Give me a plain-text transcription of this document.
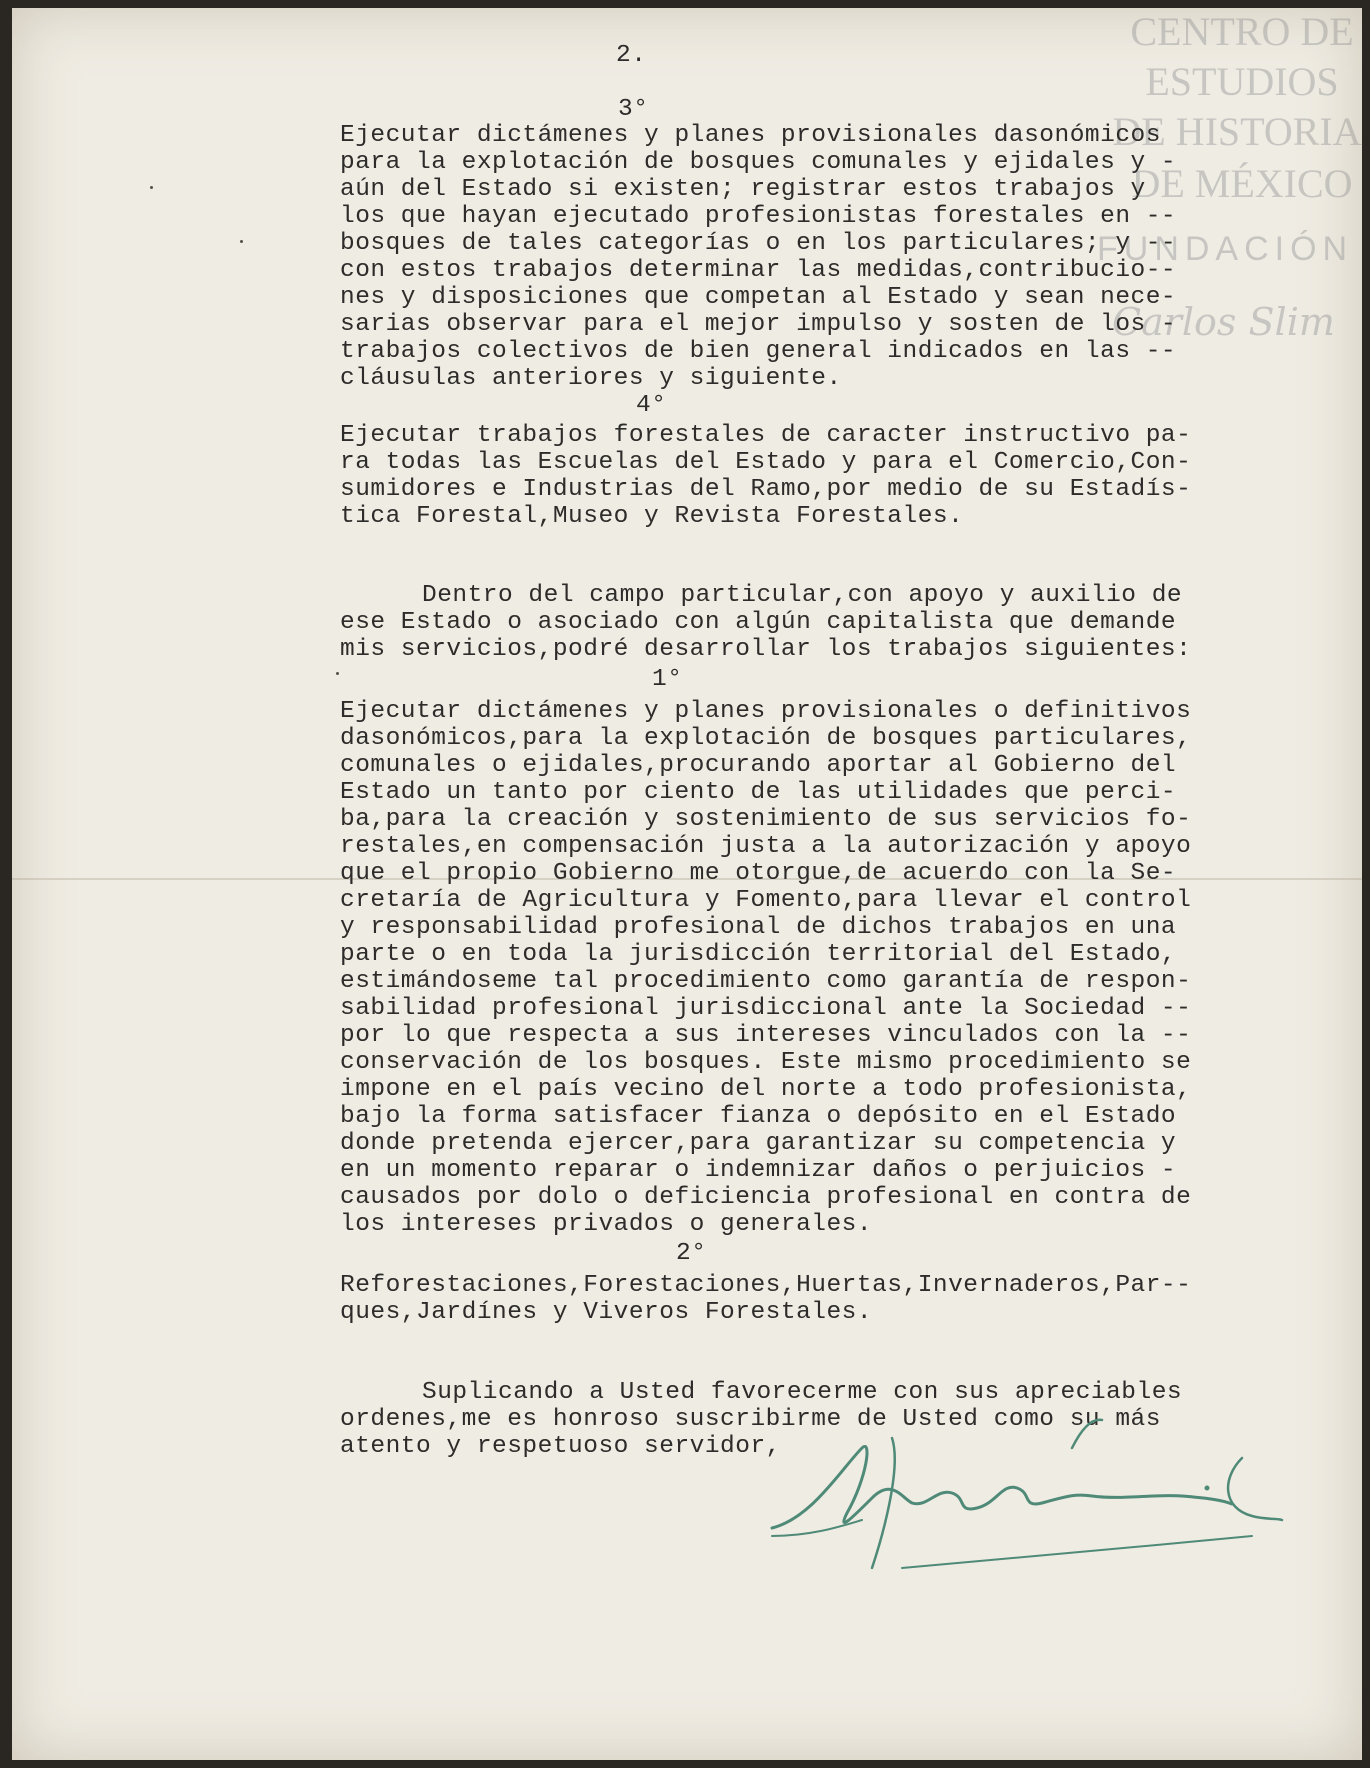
CENTRO DE
ESTUDIOS
DE HISTORIA
DE MÉXICO
FUNDACIÓN
Carlos Slim

2.

3°

Ejecutar dictámenes y planes provisionales dasonómicos

para la explotación de bosques comunales y ejidales y -

aún del Estado si existen; registrar estos trabajos y

los que hayan ejecutado profesionistas forestales en --

bosques de tales categorías o en los particulares; y --

con estos trabajos determinar las medidas,contribucio--

nes y disposiciones que competan al Estado y sean nece-

sarias observar para el mejor impulso y sosten de los -

trabajos colectivos de bien general indicados en las --

cláusulas anteriores y siguiente.

4°

Ejecutar trabajos forestales de caracter instructivo pa-

ra todas las Escuelas del Estado y para el Comercio,Con-

sumidores e Industrias del Ramo,por medio de su Estadís-

tica Forestal,Museo y Revista Forestales.

Dentro del campo particular,con apoyo y auxilio de

ese Estado o asociado con algún capitalista que demande

mis servicios,podré desarrollar los trabajos siguientes:

1°

Ejecutar dictámenes y planes provisionales o definitivos

dasonómicos,para la explotación de bosques particulares,

comunales o ejidales,procurando aportar al Gobierno del

Estado un tanto por ciento de las utilidades que perci-

ba,para la creación y sostenimiento de sus servicios fo-

restales,en compensación justa a la autorización y apoyo

que el propio Gobierno me otorgue,de acuerdo con la Se-

cretaría de Agricultura y Fomento,para llevar el control

y responsabilidad profesional de dichos trabajos en una

parte o en toda la jurisdicción territorial del Estado,

estimándoseme tal procedimiento como garantía de respon-

sabilidad profesional jurisdiccional ante la Sociedad --

por lo que respecta a sus intereses vinculados con la --

conservación de los bosques. Este mismo procedimiento se

impone en el país vecino del norte a todo profesionista,

bajo la forma satisfacer fianza o depósito en el Estado

donde pretenda ejercer,para garantizar su competencia y

en un momento reparar o indemnizar daños o perjuicios -

causados por dolo o deficiencia profesional en contra de

los intereses privados o generales.

2°

Reforestaciones,Forestaciones,Huertas,Invernaderos,Par--

ques,Jardínes y Viveros Forestales.

Suplicando a Usted favorecerme con sus apreciables

ordenes,me es honroso suscribirme de Usted como su más

atento y respetuoso servidor,
